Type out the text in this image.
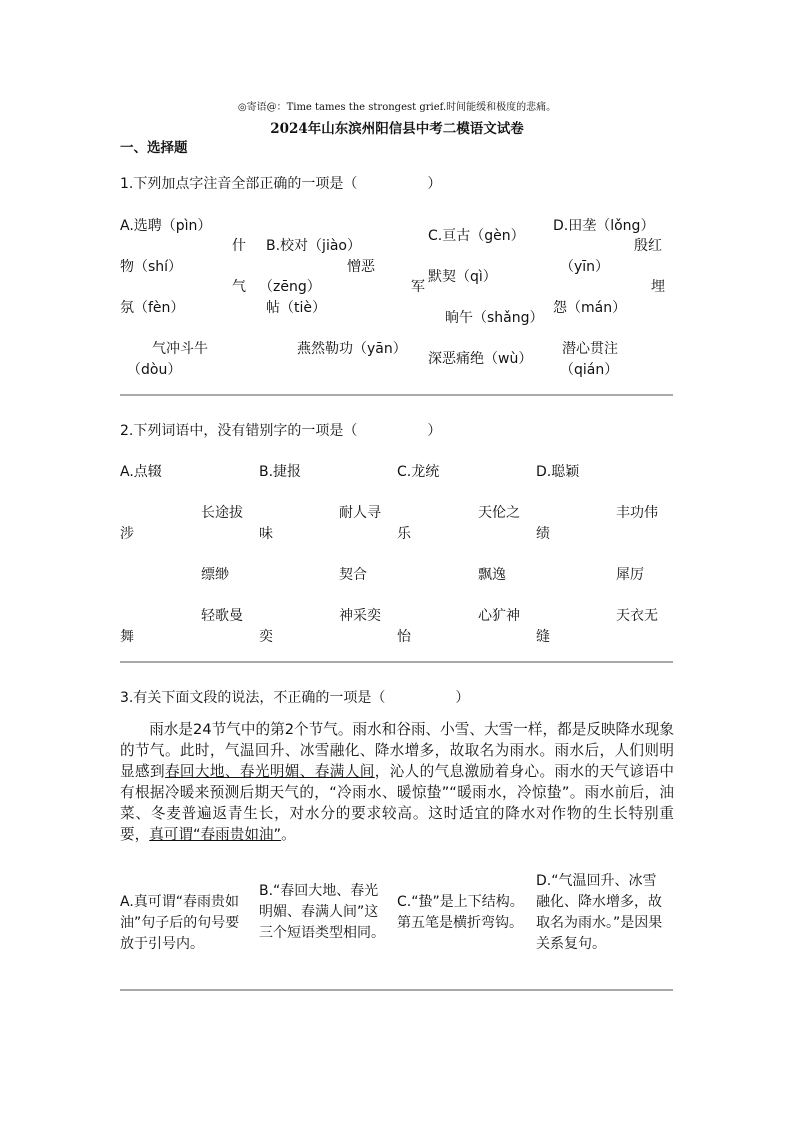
◎寄语@：Time tames the strongest grief.时间能缓和极度的悲痛。
2024年山东滨州阳信县中考二模语文试卷
一、选择题
1.下列加点字注音全部正确的一项是（　　　　　）
A.选聘（pìn）
什
物（shí）
气
氛（fèn）
气冲斗牛
（dòu）
B.校对（jiào）
憎恶
（zēng）
帖（tiè）
燕然勒功（yān）
C.亘古（gèn）
军
默契（qì）
晌午（shǎng）
深恶痛绝（wù）
D.田垄（lǒng）
殷红
（yīn）
埋
怨（mán）
潜心贯注
（qián）
2.下列词语中，没有错别字的一项是（　　　　　）
A.点辍
长途拔
涉
缥缈
轻歌曼
舞
B.捷报
耐人寻
味
契合
神采奕
奕
C.龙统
天伦之
乐
飘逸
心犷神
怡
D.聪颖
丰功伟
绩
犀厉
天衣无
缝
3.有关下面文段的说法，不正确的一项是（　　　　　）

雨水是24节气中的第2个节气。雨水和谷雨、小雪、大雪一样，都是反映降水现象的节气。此时，气温回升、冰雪融化、降水增多，故取名为雨水。雨水后，人们则明显感到春回大地、春光明媚、春满人间，沁人的气息激励着身心。雨水的天气谚语中有根据冷暖来预测后期天气的，“冷雨水、暖惊蛰”“暖雨水，冷惊蛰”。雨水前后，油菜、冬麦普遍返青生长，对水分的要求较高。这时适宜的降水对作物的生长特别重要，真可谓“春雨贵如油”。

A.真可谓“春雨贵如油”句子后的句号要放于引号内。
B.“春回大地、春光明媚、春满人间”这三个短语类型相同。
C.“蛰”是上下结构。第五笔是横折弯钩。
D.“气温回升、冰雪融化、降水增多，故取名为雨水。”是因果关系复句。
